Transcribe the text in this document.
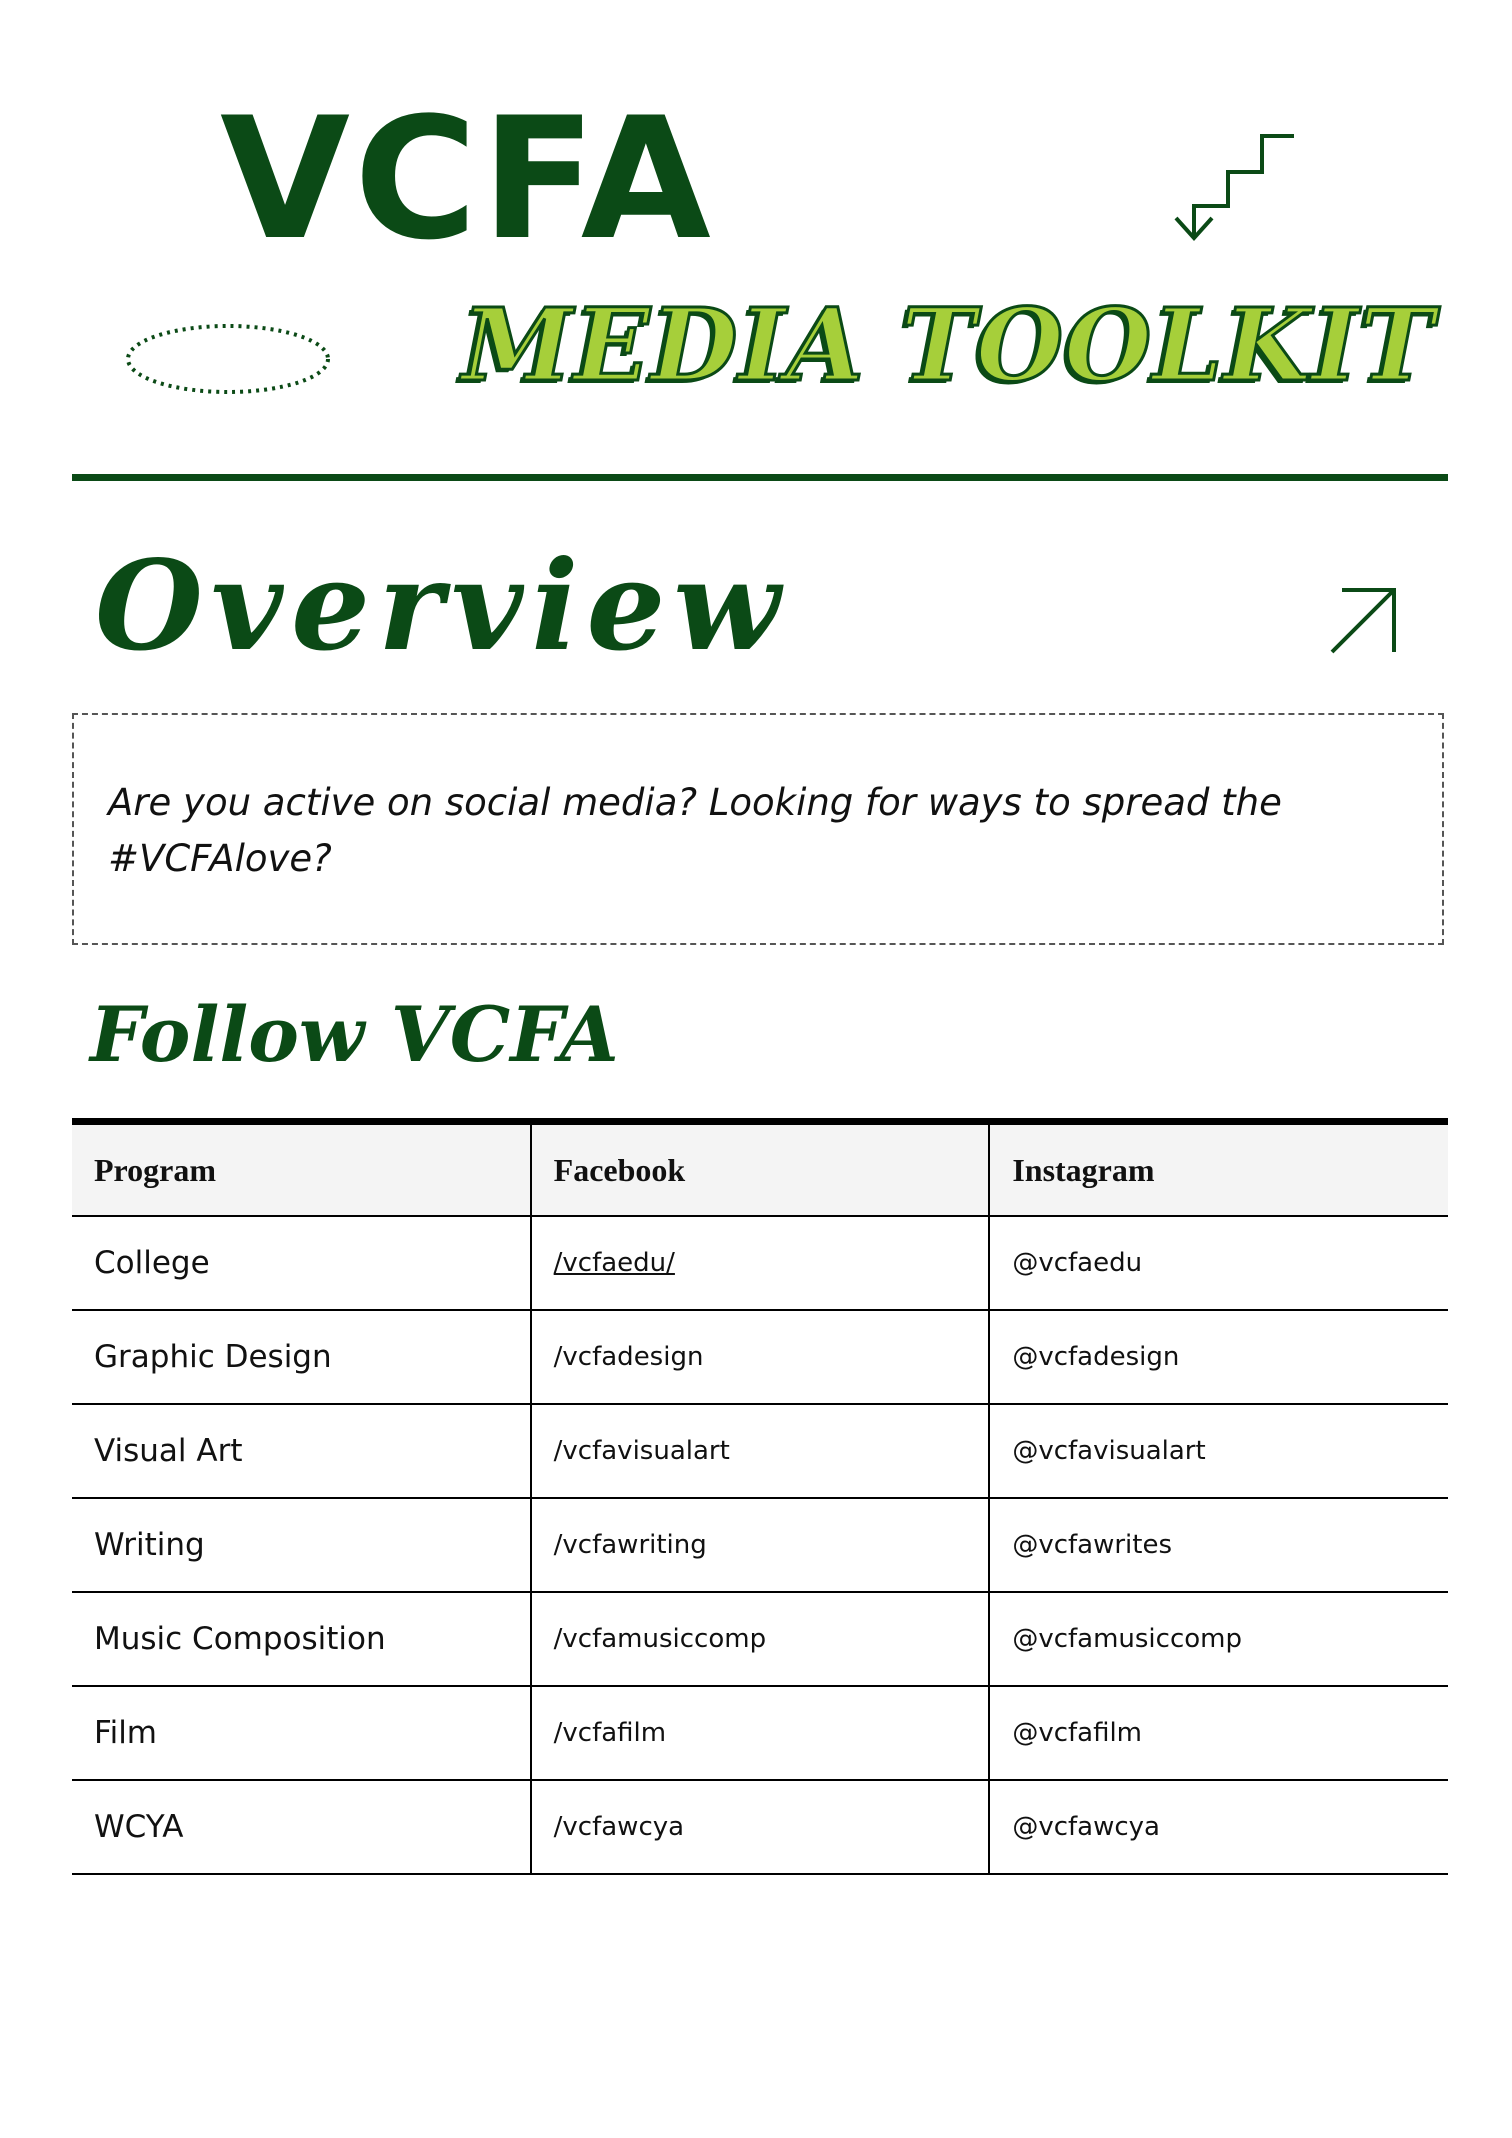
VCFA
MEDIA TOOLKIT
Overview

Are you active on social media? Looking for ways to spread the #VCFAlove?

Follow VCFA
Program	Facebook	Instagram
College	/vcfaedu/	@vcfaedu
Graphic Design	/vcfadesign	@vcfadesign
Visual Art	/vcfavisualart	@vcfavisualart
Writing	/vcfawriting	@vcfawrites
Music Composition	/vcfamusiccomp	@vcfamusiccomp
Film	/vcfafilm	@vcfafilm
WCYA	/vcfawcya	@vcfawcya
